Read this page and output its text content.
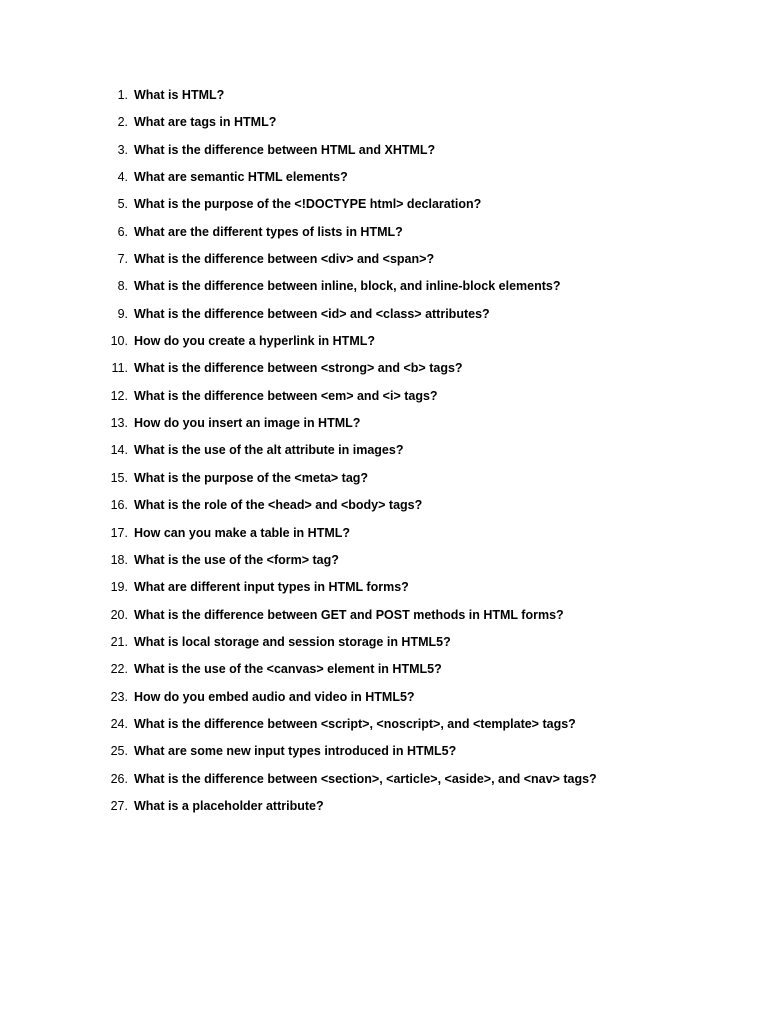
1. What is HTML?
2. What are tags in HTML?
3. What is the difference between HTML and XHTML?
4. What are semantic HTML elements?
5. What is the purpose of the <!DOCTYPE html> declaration?
6. What are the different types of lists in HTML?
7. What is the difference between <div> and <span>?
8. What is the difference between inline, block, and inline-block elements?
9. What is the difference between <id> and <class> attributes?
10. How do you create a hyperlink in HTML?
11. What is the difference between <strong> and <b> tags?
12. What is the difference between <em> and <i> tags?
13. How do you insert an image in HTML?
14. What is the use of the alt attribute in images?
15. What is the purpose of the <meta> tag?
16. What is the role of the <head> and <body> tags?
17. How can you make a table in HTML?
18. What is the use of the <form> tag?
19. What are different input types in HTML forms?
20. What is the difference between GET and POST methods in HTML forms?
21. What is local storage and session storage in HTML5?
22. What is the use of the <canvas> element in HTML5?
23. How do you embed audio and video in HTML5?
24. What is the difference between <script>, <noscript>, and <template> tags?
25. What are some new input types introduced in HTML5?
26. What is the difference between <section>, <article>, <aside>, and <nav> tags?
27. What is a placeholder attribute?
